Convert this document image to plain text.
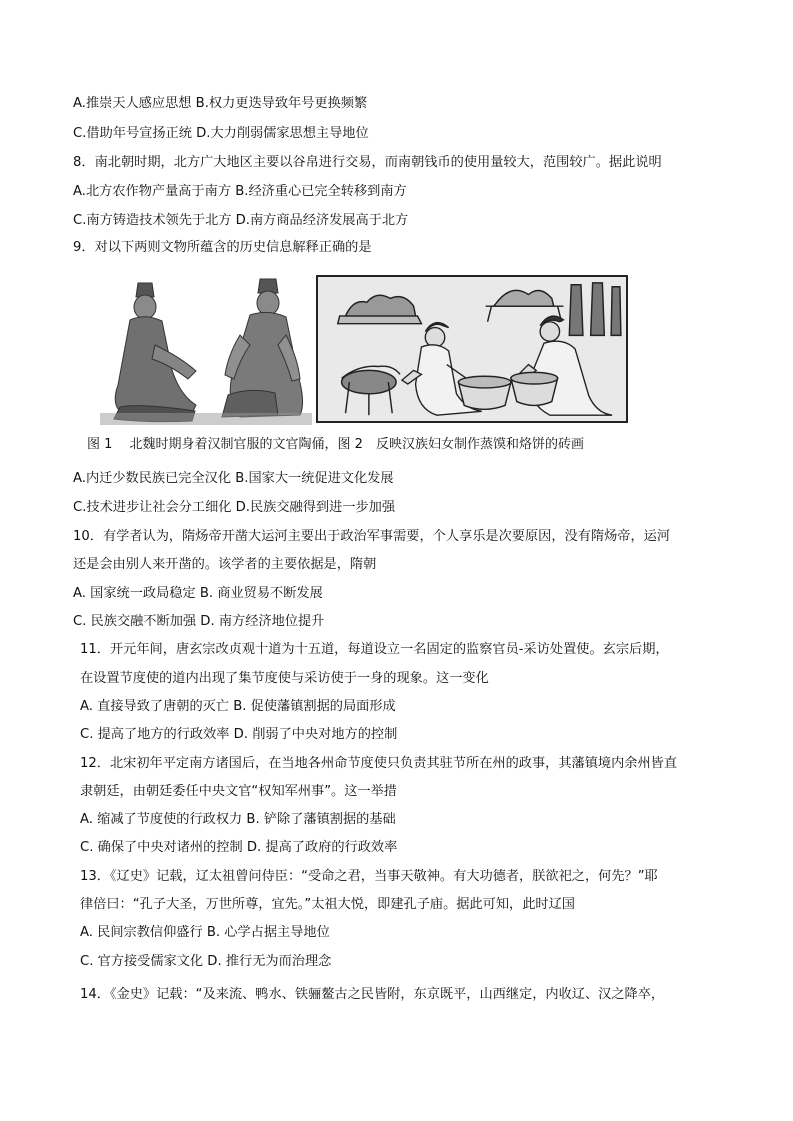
A.推崇天人感应思想 B.权力更迭导致年号更换频繁
C.借助年号宣扬正统 D.大力削弱儒家思想主导地位
8．南北朝时期，北方广大地区主要以谷帛进行交易，而南朝钱币的使用量较大，范围较广。据此说明
A.北方农作物产量高于南方 B.经济重心已完全转移到南方
C.南方铸造技术领先于北方 D.南方商品经济发展高于北方
9．对以下两则文物所蕴含的历史信息解释正确的是
图 1　 北魏时期身着汉制官服的文官陶俑，图 2　反映汉族妇女制作蒸馍和烙饼的砖画
A.内迁少数民族已完全汉化 B.国家大一统促进文化发展
C.技术进步让社会分工细化 D.民族交融得到进一步加强
10．有学者认为，隋炀帝开凿大运河主要出于政治军事需要，个人享乐是次要原因，没有隋炀帝，运河
还是会由别人来开凿的。该学者的主要依据是，隋朝
A. 国家统一政局稳定 B. 商业贸易不断发展
C. 民族交融不断加强 D. 南方经济地位提升
11．开元年间，唐玄宗改贞观十道为十五道，每道设立一名固定的监察官员-采访处置使。玄宗后期，
在设置节度使的道内出现了集节度使与采访使于一身的现象。这一变化
A. 直接导致了唐朝的灭亡 B. 促使藩镇割据的局面形成
C. 提高了地方的行政效率 D. 削弱了中央对地方的控制
12．北宋初年平定南方诸国后，在当地各州命节度使只负责其驻节所在州的政事，其藩镇境内余州皆直
隶朝廷，由朝廷委任中央文官“权知军州事”。这一举措
A. 缩减了节度使的行政权力 B. 铲除了藩镇割据的基础
C. 确保了中央对诸州的控制 D. 提高了政府的行政效率
13．《辽史》记载，辽太祖曾问侍臣：“受命之君，当事天敬神。有大功德者，朕欲祀之，何先？”耶
律倍曰：“孔子大圣，万世所尊，宜先。”太祖大悦，即建孔子庙。据此可知，此时辽国
A. 民间宗教信仰盛行 B. 心学占据主导地位
C. 官方接受儒家文化 D. 推行无为而治理念
14．《金史》记载：“及来流、鸭水、铁骊鳌古之民皆附，东京既平，山西继定，内收辽、汉之降卒，
